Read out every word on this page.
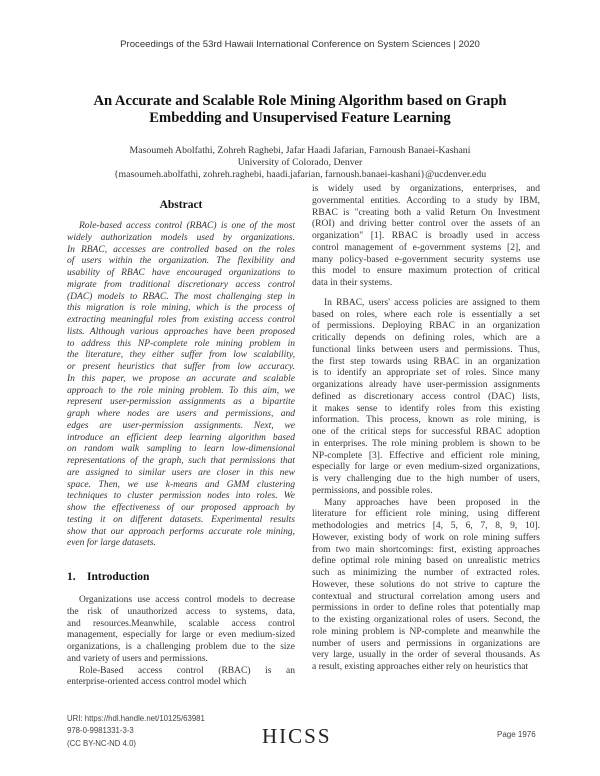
Proceedings of the 53rd Hawaii International Conference on System Sciences | 2020
An Accurate and Scalable Role Mining Algorithm based on Graph
Embedding and Unsupervised Feature Learning
Masoumeh Abolfathi, Zohreh Raghebi, Jafar Haadi Jafarian, Farnoush Banaei-Kashani
University of Colorado, Denver
{masoumeh.abolfathi, zohreh.raghebi, haadi.jafarian, farnoush.banaei-kashani}@ucdenver.edu
Abstract
Role-based access control (RBAC) is one of the most
widely authorization models used by organizations.
In RBAC, accesses are controlled based on the roles
of users within the organization. The flexibility and
usability of RBAC have encouraged organizations to
migrate from traditional discretionary access control
(DAC) models to RBAC. The most challenging step in
this migration is role mining, which is the process of
extracting meaningful roles from existing access control
lists. Although various approaches have been proposed
to address this NP-complete role mining problem in
the literature, they either suffer from low scalability,
or present heuristics that suffer from low accuracy.
In this paper, we propose an accurate and scalable
approach to the role mining problem. To this aim, we
represent user-permission assignments as a bipartite
graph where nodes are users and permissions, and
edges are user-permission assignments. Next, we
introduce an efficient deep learning algorithm based
on random walk sampling to learn low-dimensional
representations of the graph, such that permissions that
are assigned to similar users are closer in this new
space. Then, we use k-means and GMM clustering
techniques to cluster permission nodes into roles. We
show the effectiveness of our proposed approach by
testing it on different datasets. Experimental results
show that our approach performs accurate role mining,
even for large datasets.
1. Introduction
Organizations use access control models to decrease
the risk of unauthorized access to systems, data,
and resources.Meanwhile, scalable access control
management, especially for large or even medium-sized
organizations, is a challenging problem due to the size
and variety of users and permissions.
Role-Based access control (RBAC) is an
enterprise-oriented access control model which
is widely used by organizations, enterprises, and
governmental entities. According to a study by IBM,
RBAC is "creating both a valid Return On Investment
(ROI) and driving better control over the assets of an
organization" [1]. RBAC is broadly used in access
control management of e-government systems [2], and
many policy-based e-government security systems use
this model to ensure maximum protection of critical
data in their systems.
In RBAC, users' access policies are assigned to them
based on roles, where each role is essentially a set
of permissions. Deploying RBAC in an organization
critically depends on defining roles, which are a
functional links between users and permissions. Thus,
the first step towards using RBAC in an organization
is to identify an appropriate set of roles. Since many
organizations already have user-permission assignments
defined as discretionary access control (DAC) lists,
it makes sense to identify roles from this existing
information. This process, known as role mining, is
one of the critical steps for successful RBAC adoption
in enterprises. The role mining problem is shown to be
NP-complete [3]. Effective and efficient role mining,
especially for large or even medium-sized organizations,
is very challenging due to the high number of users,
permissions, and possible roles.
Many approaches have been proposed in the
literature for efficient role mining, using different
methodologies and metrics [4, 5, 6, 7, 8, 9, 10].
However, existing body of work on role mining suffers
from two main shortcomings: first, existing approaches
define optimal role mining based on unrealistic metrics
such as minimizing the number of extracted roles.
However, these solutions do not strive to capture the
contextual and structural correlation among users and
permissions in order to define roles that potentially map
to the existing organizational roles of users. Second, the
role mining problem is NP-complete and meanwhile the
number of users and permissions in organizations are
very large, usually in the order of several thousands. As
a result, existing approaches either rely on heuristics that
URI: https://hdl.handle.net/10125/63981
978-0-9981331-3-3
(CC BY-NC-ND 4.0)	HICSS	Page 1976
